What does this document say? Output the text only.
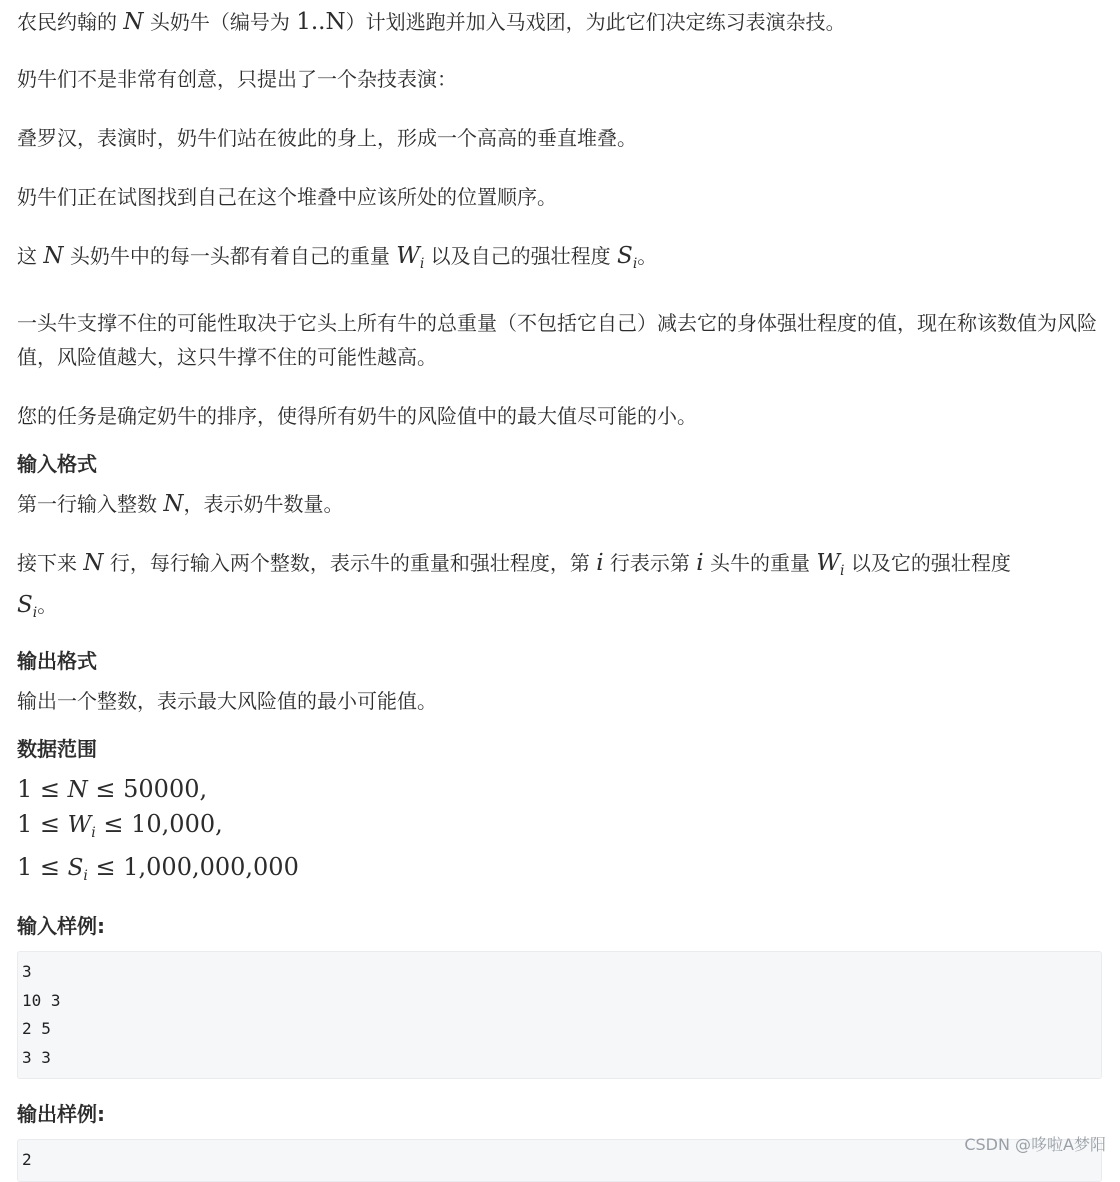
农民约翰的 N 头奶牛（编号为 1..N）计划逃跑并加入马戏团，为此它们决定练习表演杂技。

奶牛们不是非常有创意，只提出了一个杂技表演：

叠罗汉，表演时，奶牛们站在彼此的身上，形成一个高高的垂直堆叠。

奶牛们正在试图找到自己在这个堆叠中应该所处的位置顺序。

这 N 头奶牛中的每一头都有着自己的重量 $W_i$ 以及自己的强壮程度 $S_i$。

一头牛支撑不住的可能性取决于它头上所有牛的总重量（不包括它自己）减去它的身体强壮程度的值，现在称该数值为风险值，风险值越大，这只牛撑不住的可能性越高。

您的任务是确定奶牛的排序，使得所有奶牛的风险值中的最大值尽可能的小。

输入格式

第一行输入整数 N，表示奶牛数量。

接下来 N 行，每行输入两个整数，表示牛的重量和强壮程度，第 i 行表示第 i 头牛的重量 $W_i$ 以及它的强壮程度
$S_i$。

输出格式

输出一个整数，表示最大风险值的最小可能值。

数据范围

1 ≤ N ≤ 50000,

$1 \le W_i \le 10,000$,

$1 \le S_i \le 1,000,000,000$

输入样例:

3
10 3
2 5
3 3

输出样例:

2
CSDN @哆啦A梦阳
